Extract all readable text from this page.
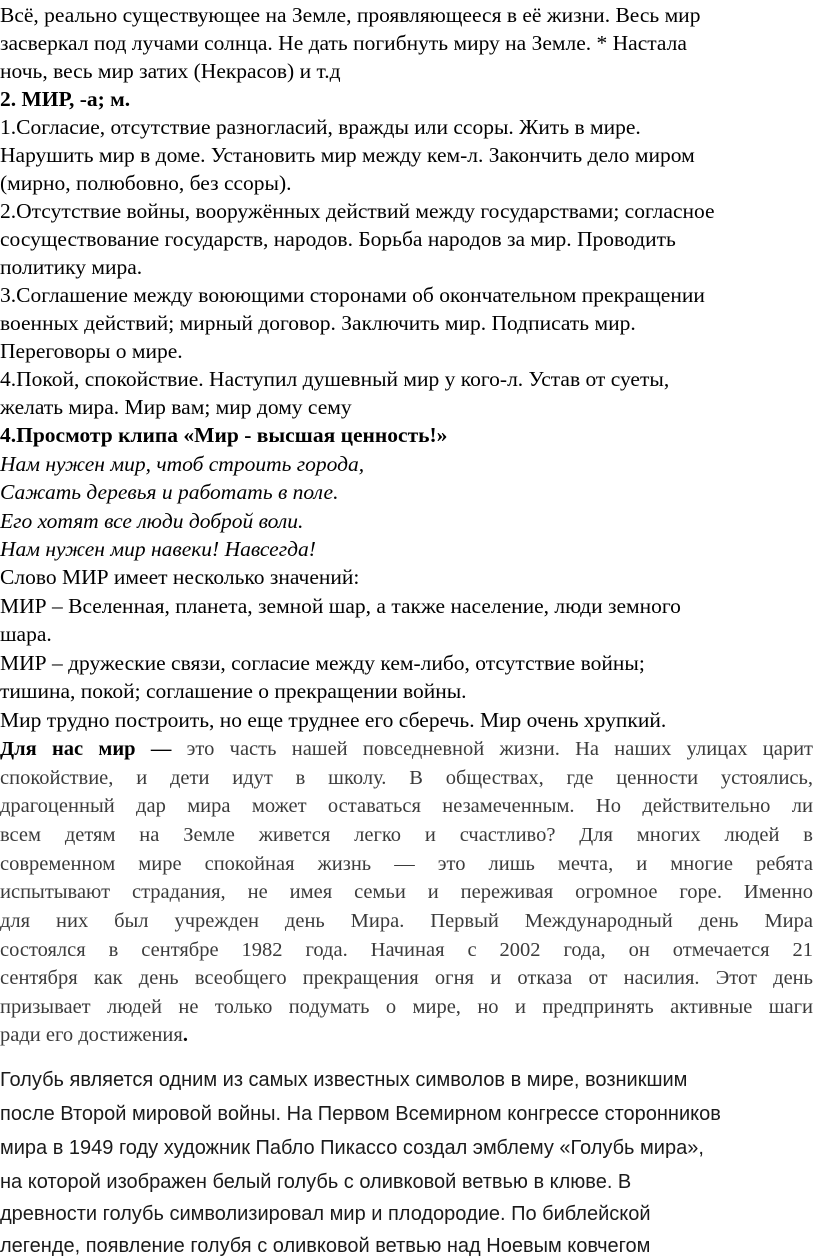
Всё, реально существующее на Земле, проявляющееся в её жизни. Весь мир
засверкал под лучами солнца. Не дать погибнуть миру на Земле. * Настала
ночь, весь мир затих (Некрасов) и т.д
2. МИР, -а; м.
1.Согласие, отсутствие разногласий, вражды или ссоры. Жить в мире.
Нарушить мир в доме. Установить мир между кем-л. Закончить дело миром
(мирно, полюбовно, без ссоры).
2.Отсутствие войны, вооружённых действий между государствами; согласное
сосуществование государств, народов. Борьба народов за мир. Проводить
политику мира.
3.Соглашение между воюющими сторонами об окончательном прекращении
военных действий; мирный договор. Заключить мир. Подписать мир.
Переговоры о мире.
4.Покой, спокойствие. Наступил душевный мир у кого-л. Устав от суеты,
желать мира. Мир вам; мир дому сему
4.Просмотр клипа «Мир - высшая ценность!»
Нам нужен мир, чтоб строить города,
Сажать деревья и работать в поле.
Его хотят все люди доброй воли.
Нам нужен мир навеки! Навсегда!
Слово МИР имеет несколько значений:
МИР – Вселенная, планета, земной шар, а также население, люди земного
шара.
МИР – дружеские связи, согласие между кем-либо, отсутствие войны;
тишина, покой; соглашение о прекращении войны.
Мир трудно построить, но еще труднее его сберечь. Мир очень хрупкий.
Для нас мир — это часть нашей повседневной жизни. На наших улицах царит
спокойствие, и дети идут в школу. В обществах, где ценности устоялись,
драгоценный дар мира может оставаться незамеченным. Но действительно ли
всем детям на Земле живется легко и счастливо? Для многих людей в
современном мире спокойная жизнь — это лишь мечта, и многие ребята
испытывают страдания, не имея семьи и переживая огромное горе. Именно
для них был учрежден день Мира. Первый Международный день Мира
состоялся в сентябре 1982 года. Начиная с 2002 года, он отмечается 21
сентября как день всеобщего прекращения огня и отказа от насилия. Этот день
призывает людей не только подумать о мире, но и предпринять активные шаги
ради его достижения.
Голубь является одним из самых известных символов в мире, возникшим
после Второй мировой войны. На Первом Всемирном конгрессе сторонников
мира в 1949 году художник Пабло Пикассо создал эмблему «Голубь мира»,
на которой изображен белый голубь с оливковой ветвью в клюве. В
древности голубь символизировал мир и плодородие. По библейской
легенде, появление голубя с оливковой ветвью над Ноевым ковчегом
